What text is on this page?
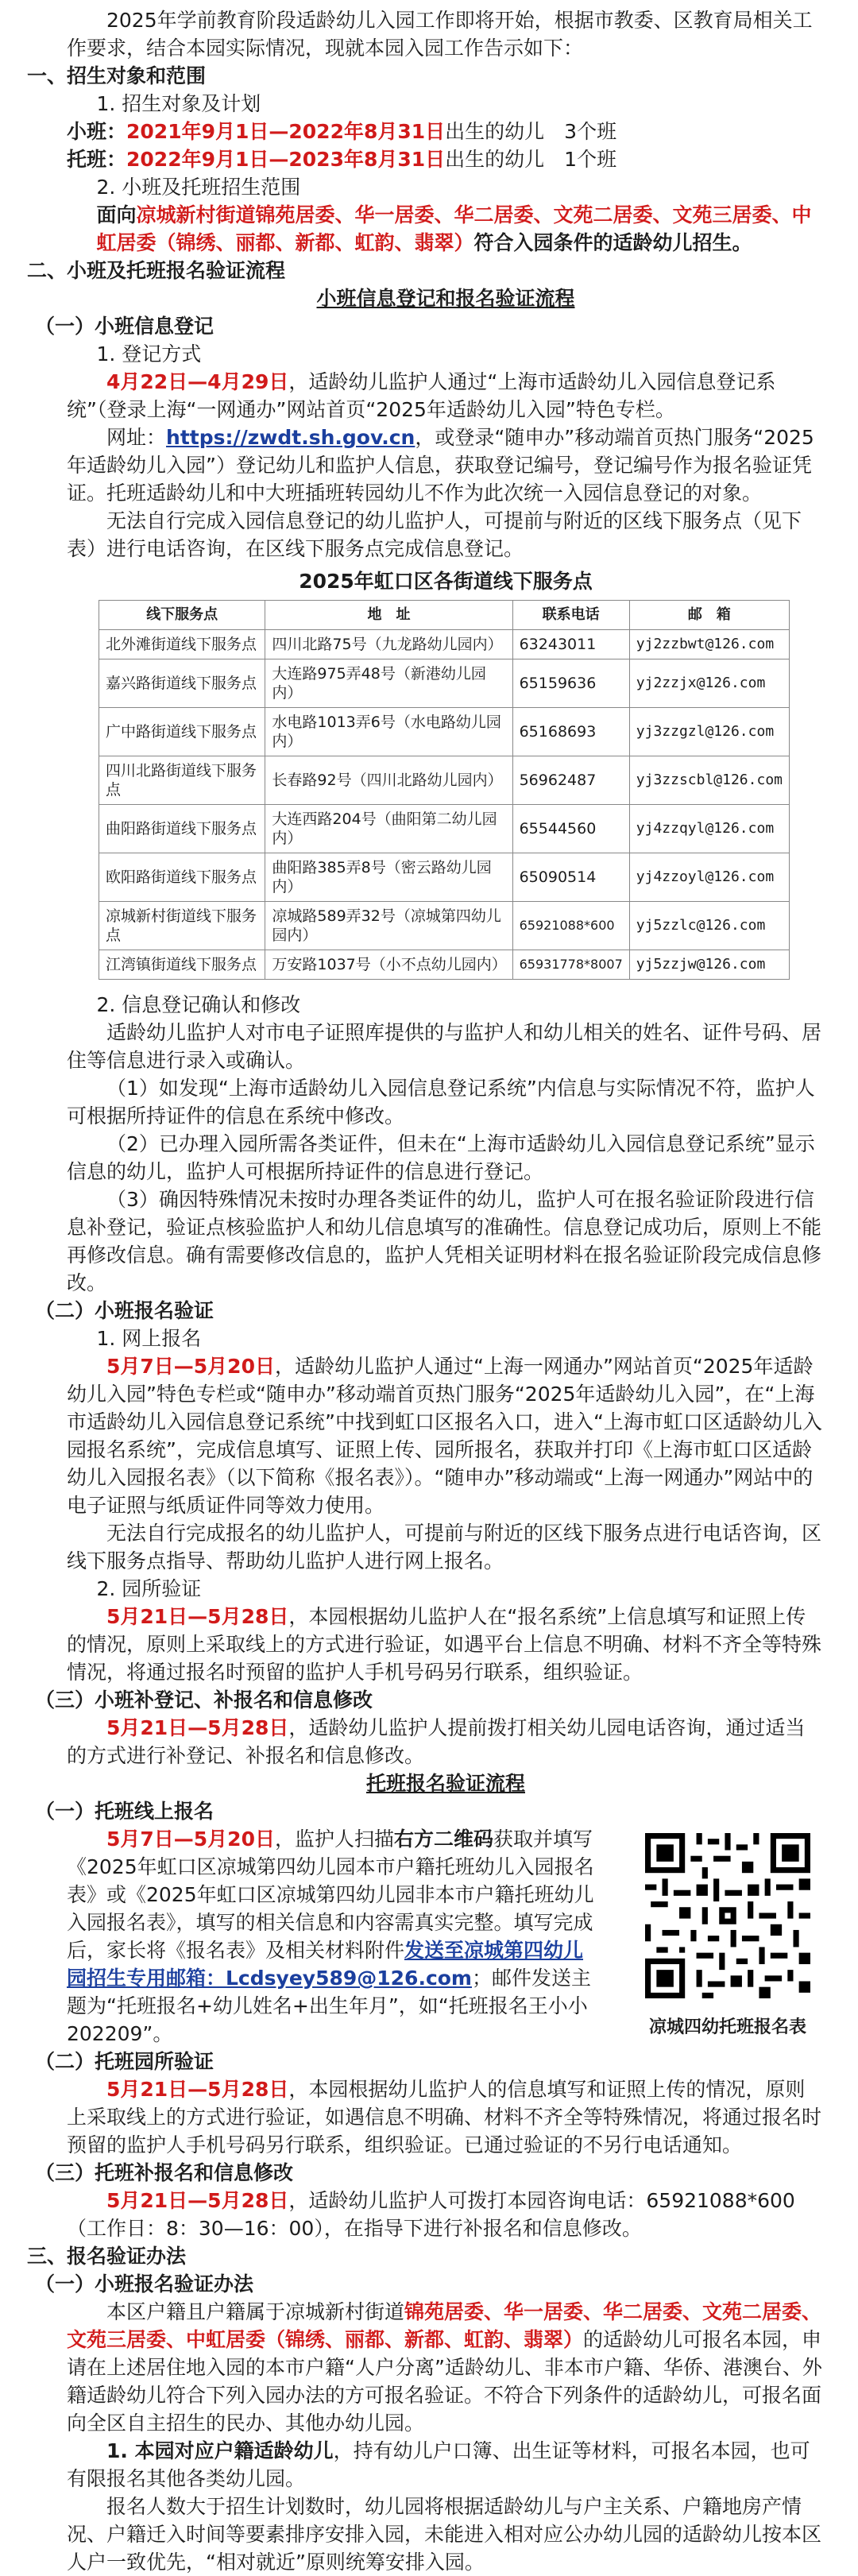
2025年学前教育阶段适龄幼儿入园工作即将开始，根据市教委、区教育局相关工作要求，结合本园实际情况，现就本园入园工作告示如下：

一、招生对象和范围

1. 招生对象及计划

小班：2021年9月1日—2022年8月31日出生的幼儿　3个班

托班：2022年9月1日—2023年8月31日出生的幼儿　1个班

2. 小班及托班招生范围

面向凉城新村街道锦苑居委、华一居委、华二居委、文苑二居委、文苑三居委、中虹居委（锦绣、丽都、新都、虹韵、翡翠）符合入园条件的适龄幼儿招生。

二、小班及托班报名验证流程

小班信息登记和报名验证流程

（一）小班信息登记

1. 登记方式

4月22日—4月29日，适龄幼儿监护人通过“上海市适龄幼儿入园信息登记系统”（登录上海“一网通办”网站首页“2025年适龄幼儿入园”特色专栏。

网址：https://zwdt.sh.gov.cn，或登录“随申办”移动端首页热门服务“2025年适龄幼儿入园”）登记幼儿和监护人信息，获取登记编号，登记编号作为报名验证凭证。托班适龄幼儿和中大班插班转园幼儿不作为此次统一入园信息登记的对象。

无法自行完成入园信息登记的幼儿监护人，可提前与附近的区线下服务点（见下表）进行电话咨询，在区线下服务点完成信息登记。

2025年虹口区各街道线下服务点

线下服务点	地　址	联系电话	邮　箱
北外滩街道线下服务点	四川北路75号（九龙路幼儿园内）	63243011	yj2zzbwt@126.com
嘉兴路街道线下服务点	大连路975弄48号（新港幼儿园内）	65159636	yj2zzjx@126.com
广中路街道线下服务点	水电路1013弄6号（水电路幼儿园内）	65168693	yj3zzgzl@126.com
四川北路街道线下服务点	长春路92号（四川北路幼儿园内）	56962487	yj3zzscbl@126.com
曲阳路街道线下服务点	大连西路204号（曲阳第二幼儿园内）	65544560	yj4zzqyl@126.com
欧阳路街道线下服务点	曲阳路385弄8号（密云路幼儿园内）	65090514	yj4zzoyl@126.com
凉城新村街道线下服务点	凉城路589弄32号（凉城第四幼儿园内）	65921088*600	yj5zzlc@126.com
江湾镇街道线下服务点	万安路1037号（小不点幼儿园内）	65931778*8007	yj5zzjw@126.com

2. 信息登记确认和修改

适龄幼儿监护人对市电子证照库提供的与监护人和幼儿相关的姓名、证件号码、居住等信息进行录入或确认。

（1）如发现“上海市适龄幼儿入园信息登记系统”内信息与实际情况不符，监护人可根据所持证件的信息在系统中修改。

（2）已办理入园所需各类证件，但未在“上海市适龄幼儿入园信息登记系统”显示信息的幼儿，监护人可根据所持证件的信息进行登记。

（3）确因特殊情况未按时办理各类证件的幼儿，监护人可在报名验证阶段进行信息补登记，验证点核验监护人和幼儿信息填写的准确性。信息登记成功后，原则上不能再修改信息。确有需要修改信息的，监护人凭相关证明材料在报名验证阶段完成信息修改。

（二）小班报名验证

1. 网上报名

5月7日—5月20日，适龄幼儿监护人通过“上海一网通办”网站首页“2025年适龄幼儿入园”特色专栏或“随申办”移动端首页热门服务“2025年适龄幼儿入园”，在“上海市适龄幼儿入园信息登记系统”中找到虹口区报名入口，进入“上海市虹口区适龄幼儿入园报名系统”，完成信息填写、证照上传、园所报名，获取并打印《上海市虹口区适龄幼儿入园报名表》（以下简称《报名表》）。“随申办”移动端或“上海一网通办”网站中的电子证照与纸质证件同等效力使用。

无法自行完成报名的幼儿监护人，可提前与附近的区线下服务点进行电话咨询，区线下服务点指导、帮助幼儿监护人进行网上报名。

2. 园所验证

5月21日—5月28日，本园根据幼儿监护人在“报名系统”上信息填写和证照上传的情况，原则上采取线上的方式进行验证，如遇平台上信息不明确、材料不齐全等特殊情况，将通过报名时预留的监护人手机号码另行联系，组织验证。

（三）小班补登记、补报名和信息修改

5月21日—5月28日，适龄幼儿监护人提前拨打相关幼儿园电话咨询，通过适当的方式进行补登记、补报名和信息修改。

托班报名验证流程

（一）托班线上报名

凉城四幼托班报名表

5月7日—5月20日，监护人扫描右方二维码获取并填写《2025年虹口区凉城第四幼儿园本市户籍托班幼儿入园报名表》或《2025年虹口区凉城第四幼儿园非本市户籍托班幼儿入园报名表》，填写的相关信息和内容需真实完整。填写完成后，家长将《报名表》及相关材料附件发送至凉城第四幼儿园招生专用邮箱：Lcdsyey589@126.com；邮件发送主题为“托班报名+幼儿姓名+出生年月”，如“托班报名王小小202209”。

（二）托班园所验证

5月21日—5月28日，本园根据幼儿监护人的信息填写和证照上传的情况，原则上采取线上的方式进行验证，如遇信息不明确、材料不齐全等特殊情况，将通过报名时预留的监护人手机号码另行联系，组织验证。已通过验证的不另行电话通知。

（三）托班补报名和信息修改

5月21日—5月28日，适龄幼儿监护人可拨打本园咨询电话：65921088*600（工作日：8：30—16：00），在指导下进行补报名和信息修改。

三、报名验证办法

（一）小班报名验证办法

本区户籍且户籍属于凉城新村街道锦苑居委、华一居委、华二居委、文苑二居委、文苑三居委、中虹居委（锦绣、丽都、新都、虹韵、翡翠）的适龄幼儿可报名本园，申请在上述居住地入园的本市户籍“人户分离”适龄幼儿、非本市户籍、华侨、港澳台、外籍适龄幼儿符合下列入园办法的方可报名验证。不符合下列条件的适龄幼儿，可报名面向全区自主招生的民办、其他办幼儿园。

1. 本园对应户籍适龄幼儿，持有幼儿户口簿、出生证等材料，可报名本园，也可有限报名其他各类幼儿园。

报名人数大于招生计划数时，幼儿园将根据适龄幼儿与户主关系、户籍地房产情况、户籍迁入时间等要素排序安排入园，未能进入相对应公办幼儿园的适龄幼儿按本区人户一致优先，“相对就近”原则统筹安排入园。
